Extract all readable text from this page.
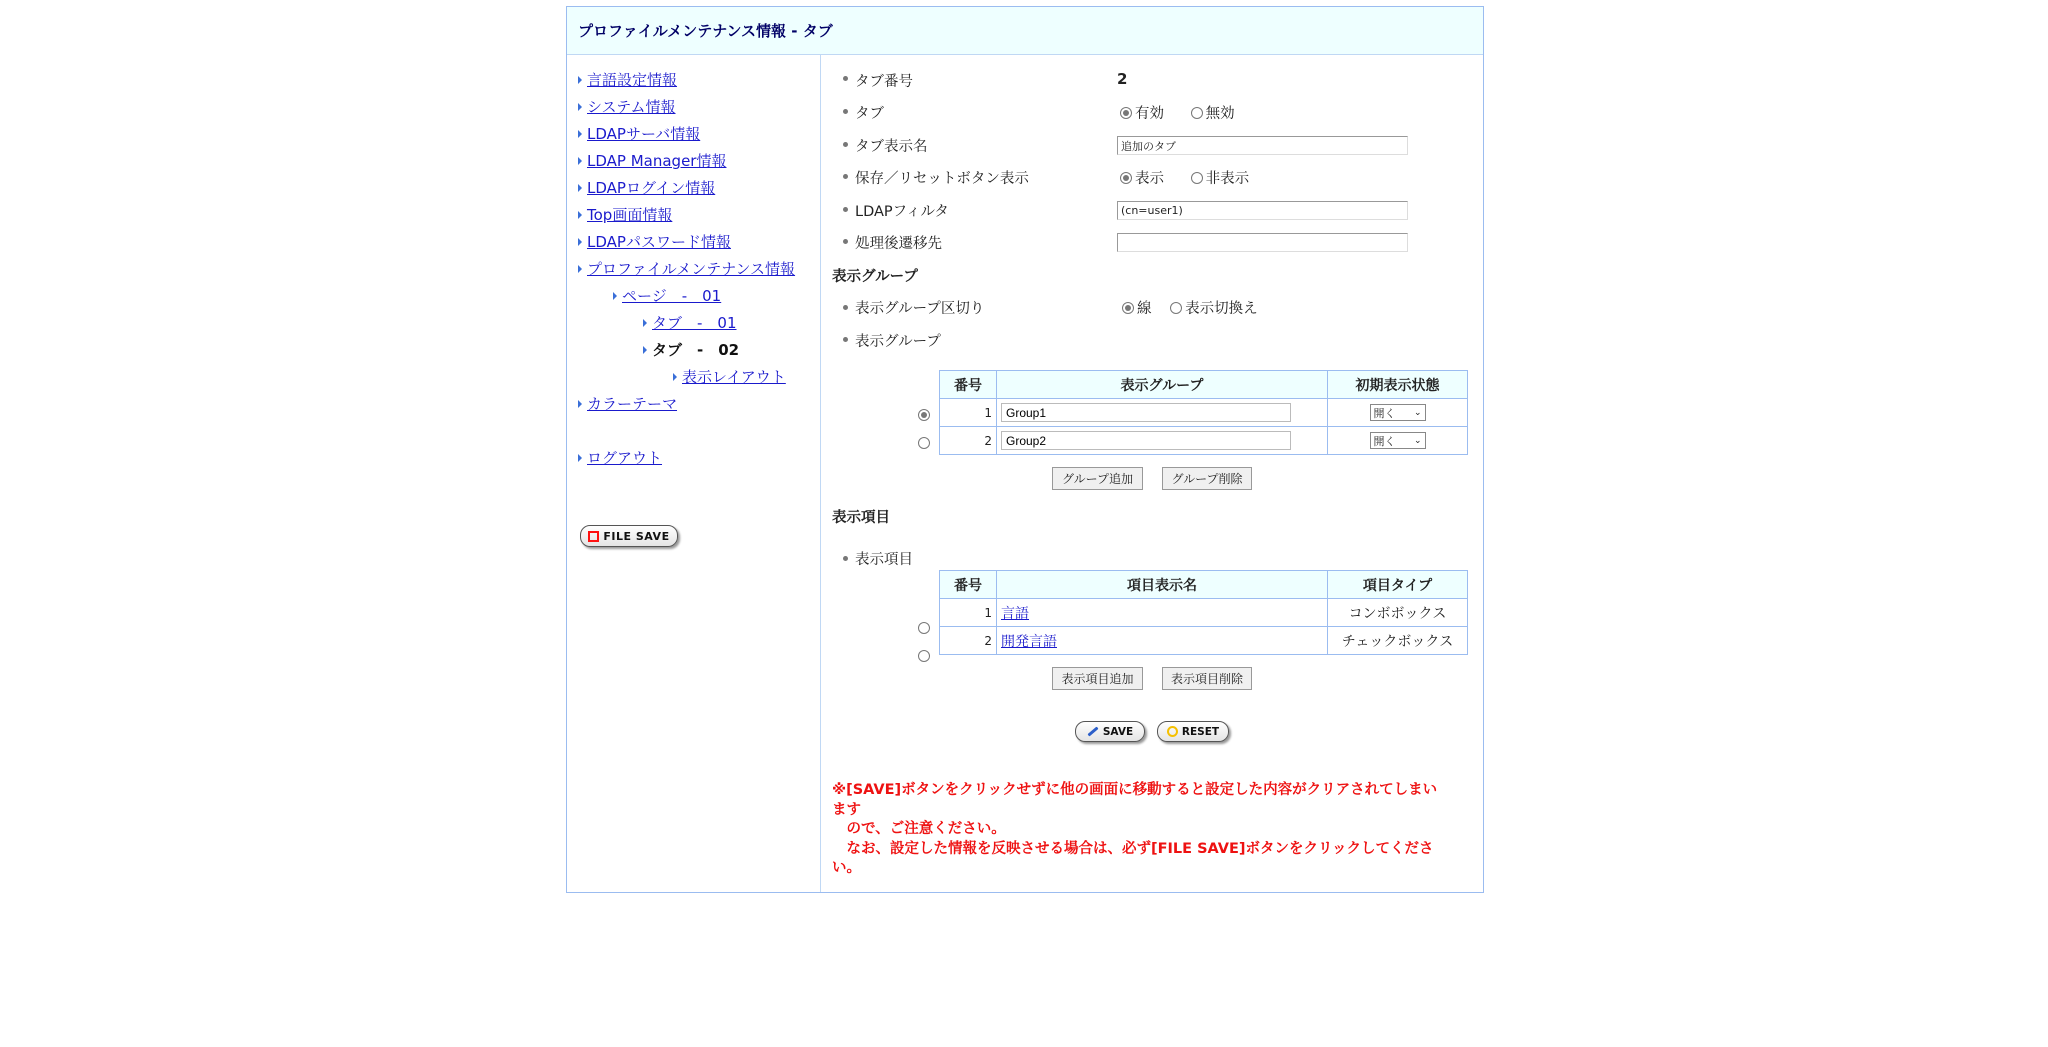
プロファイルメンテナンス情報 - タブ
言語設定情報
システム情報
LDAPサーバ情報
LDAP Manager情報
LDAPログイン情報
Top画面情報
LDAPパスワード情報
プロファイルメンテナンス情報
ページ　-　01
タブ　-　01
タブ　-　02
表示レイアウト
カラーテーマ
ログアウト
FILE SAVE
タブ番号	2
タブ	有効	無効
タブ表示名
追加のタブ
保存／リセットボタン表示	表示	非表示
LDAPフィルタ
(cn=user1)
処理後遷移先
表示グループ
表示グループ区切り	線 表示切換え
表示グループ
番号	表示グループ	初期表示状態
1	Group1	開く ⌄

2	Group2	開く ⌄
グループ追加	グループ削除
表示項目
表示項目
番号	項目表示名	項目タイプ
1	言語	コンボボックス
2	開発言語	チェックボックス
表示項目追加	表示項目削除
SAVE	RESET
※[SAVE]ボタンをクリックせずに他の画面に移動すると設定した内容がクリアされてしまい
ます
　ので、ご注意ください。
　なお、設定した情報を反映させる場合は、必ず[FILE SAVE]ボタンをクリックしてくださ
い。
